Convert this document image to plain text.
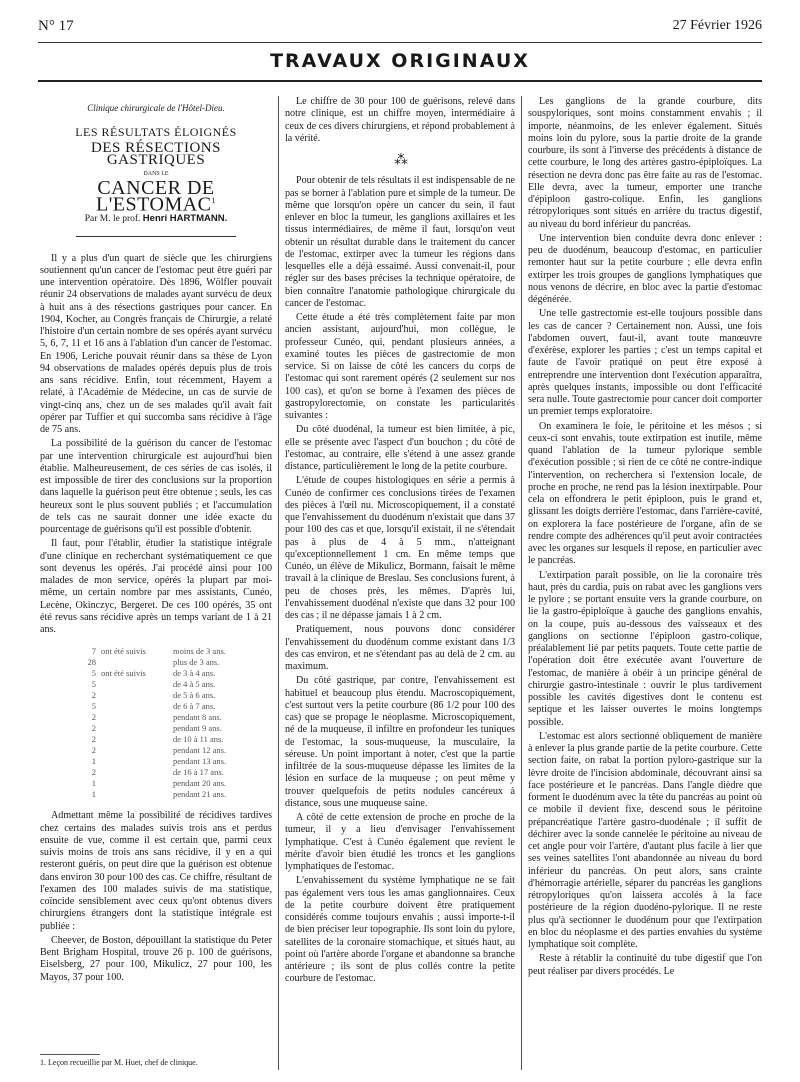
N° 17	27 Février 1926
TRAVAUX ORIGINAUX

Clinique chirurgicale de l'Hôtel-Dieu.

LES RÉSULTATS ÉLOIGNÉS

DES RÉSECTIONS GASTRIQUES

DANS LE

CANCER DE L'ESTOMAC$^1$

Par M. le prof. Henri HARTMANN.

Il y a plus d'un quart de siècle que les chirurgiens soutiennent qu'un cancer de l'estomac peut être guéri par une intervention opératoire. Dès 1896, Wölfler pouvait réunir 24 observations de malades ayant survécu de deux à huit ans à des résections gastriques pour cancer. En 1904, Kocher, au Congrès français de Chirurgie, a relaté l'histoire d'un certain nombre de ses opérés ayant survécu 5, 6, 7, 11 et 16 ans à l'ablation d'un cancer de l'estomac. En 1906, Leriche pouvait réunir dans sa thèse de Lyon 94 observations de malades opérés depuis plus de trois ans sans récidive. Enfin, tout récemment, Hayem a relaté, à l'Académie de Médecine, un cas de survie de vingt-cinq ans, chez un de ses malades qu'il avait fait opérer par Tuffier et qui succomba sans récidive à l'âge de 75 ans.

La possibilité de la guérison du cancer de l'estomac par une intervention chirurgicale est aujourd'hui bien établie. Malheureusement, de ces séries de cas isolés, il est impossible de tirer des conclusions sur la proportion dans laquelle la guérison peut être obtenue ; seuls, les cas heureux sont le plus souvent publiés ; et l'accumulation de tels cas ne saurait donner une idée exacte du pourcentage de guérisons qu'il est possible d'obtenir.

Il faut, pour l'établir, étudier la statistique intégrale d'une clinique en recherchant systématiquement ce que sont devenus les opérés. J'ai procédé ainsi pour 100 malades de mon service, opérés la plupart par moi-même, un certain nombre par mes assistants, Cunéo, Lecène, Okinczyc, Bergeret. De ces 100 opérés, 35 ont été revus sans récidive après un temps variant de 1 à 21 ans.

7 ont été suivis	moins de 3 ans.
28	plus de 3 ans.
5 ont été suivis	de 3 à 4 ans.
5	de 4 à 5 ans.
2	de 5 à 6 ans.
5	de 6 à 7 ans.
2	pendant 8 ans.
2	pendant 9 ans.
2	de 10 à 11 ans.
2	pendant 12 ans.
1	pendant 13 ans.
2	de 16 à 17 ans.
1	pendant 20 ans.
1	pendant 21 ans.

Admettant même la possibilité de récidives tardives chez certains des malades suivis trois ans et perdus ensuite de vue, comme il est certain que, parmi ceux suivis moins de trois ans sans récidive, il y en a qui resteront guéris, on peut dire que la guérison est obtenue dans environ 30 pour 100 des cas. Ce chiffre, résultant de l'examen des 100 malades suivis de ma statistique, coïncide sensiblement avec ceux qu'ont obtenus divers chirurgiens étrangers dont la statistique intégrale est publiée :

Cheever, de Boston, dépouillant la statistique du Peter Bent Brigham Hospital, trouve 26 p. 100 de guérisons, Eiselsberg, 27 pour 100, Mikulicz, 27 pour 100, les Mayos, 37 pour 100.

Le chiffre de 30 pour 100 de guérisons, relevé dans notre clinique, est un chiffre moyen, intermédiaire à ceux de ces divers chirurgiens, et répond probablement à la vérité.

⁂

Pour obtenir de tels résultats il est indispensable de ne pas se borner à l'ablation pure et simple de la tumeur. De même que lorsqu'on opère un cancer du sein, il faut enlever en bloc la tumeur, les ganglions axillaires et les tissus intermédiaires, de même il faut, lorsqu'on veut obtenir un résultat durable dans le traitement du cancer de l'estomac, extirper avec la tumeur les régions dans lesquelles elle a déjà essaimé. Aussi convenait-il, pour régler sur des bases précises la technique opératoire, de bien connaître l'anatomie pathologique chirurgicale du cancer de l'estomac.

Cette étude a été très complètement faite par mon ancien assistant, aujourd'hui, mon collègue, le professeur Cunéo, qui, pendant plusieurs années, a examiné toutes les pièces de gastrectomie de mon service. Si on laisse de côté les cancers du corps de l'estomac qui sont rarement opérés (2 seulement sur nos 100 cas), et qu'on se borne à l'examen des pièces de gastropylorectomie, on constate les particularités suivantes :

Du côté duodénal, la tumeur est bien limitée, à pic, elle se présente avec l'aspect d'un bouchon ; du côté de l'estomac, au contraire, elle s'étend à une assez grande distance, particulièrement le long de la petite courbure.

L'étude de coupes histologiques en série a permis à Cunéo de confirmer ces conclusions tirées de l'examen des pièces à l'œil nu. Microscopiquement, il a constaté que l'envahissement du duodénum n'existait que dans 37 pour 100 des cas et que, lorsqu'il existait, il ne s'étendait pas à plus de 4 à 5 mm., n'atteignant qu'exceptionnellement 1 cm. En même temps que Cunéo, un élève de Mikulicz, Bormann, faisait le même travail à la clinique de Breslau. Ses conclusions furent, à peu de choses près, les mêmes. D'après lui, l'envahissement duodénal n'existe que dans 32 pour 100 des cas ; il ne dépasse jamais 1 à 2 cm.

Pratiquement, nous pouvons donc considérer l'envahissement du duodénum comme existant dans 1/3 des cas environ, et ne s'étendant pas au delà de 2 cm. au maximum.

Du côté gastrique, par contre, l'envahissement est habituel et beaucoup plus étendu. Macroscopiquement, c'est surtout vers la petite courbure (86 1/2 pour 100 des cas) que se propage le néoplasme. Microscopiquement, né de la muqueuse, il infiltre en profondeur les tuniques de l'estomac, la sous-muqueuse, la musculaire, la séreuse. Un point important à noter, c'est que la partie infiltrée de la sous-muqueuse dépasse les limites de la lésion en surface de la muqueuse ; on peut même y trouver quelquefois de petits nodules cancéreux à distance, sous une muqueuse saine.

A côté de cette extension de proche en proche de la tumeur, il y a lieu d'envisager l'envahissement lymphatique. C'est à Cunéo également que revient le mérite d'avoir bien étudié les troncs et les ganglions lymphatiques de l'estomac.

L'envahissement du système lymphatique ne se fait pas également vers tous les amas ganglionnaires. Ceux de la petite courbure doivent être pratiquement considérés comme toujours envahis ; aussi importe-t-il de bien préciser leur topographie. Ils sont loin du pylore, satellites de la coronaire stomachique, et situés haut, au point où l'artère aborde l'organe et abandonne sa branche antérieure ; ils sont de plus collés contre la petite courbure de l'estomac.

Les ganglions de la grande courbure, dits souspyloriques, sont moins constamment envahis ; il importe, néanmoins, de les enlever également. Situés moins loin du pylore, sous la partie droite de la grande courbure, ils sont à l'inverse des précédents à distance de cette courbure, le long des artères gastro-épiploïques. La résection ne devra donc pas être faite au ras de l'estomac. Elle devra, avec la tumeur, emporter une tranche d'épiploon gastro-colique. Enfin, les ganglions rétropyloriques sont situés en arrière du tractus digestif, au niveau du bord inférieur du pancréas.

Une intervention bien conduite devra donc enlever : peu de duodénum, beaucoup d'estomac, en particulier remonter haut sur la petite courbure ; elle devra enfin extirper les trois groupes de ganglions lymphatiques que nous venons de décrire, en bloc avec la partie d'estomac dégénérée.

Une telle gastrectomie est-elle toujours possible dans les cas de cancer ? Certainement non. Aussi, une fois l'abdomen ouvert, faut-il, avant toute manœuvre d'exérèse, explorer les parties ; c'est un temps capital et faute de l'avoir pratiqué on peut être exposé à entreprendre une intervention dont l'exécution apparaîtra, après quelques instants, impossible ou dont l'efficacité sera nulle. Toute gastrectomie pour cancer doit comporter un premier temps exploratoire.

On examinera le foie, le péritoine et les mésos ; si ceux-ci sont envahis, toute extirpation est inutile, même quand l'ablation de la tumeur pylorique semble d'exécution possible ; si rien de ce côté ne contre-indique l'intervention, on recherchera si l'extension locale, de proche en proche, ne rend pas la lésion inextirpable. Pour cela on effondrera le petit épiploon, puis le grand et, glissant les doigts derrière l'estomac, dans l'arrière-cavité, on explorera la face postérieure de l'organe, afin de se rendre compte des adhérences qu'il peut avoir contractées avec les organes sur lesquels il repose, en particulier avec le pancréas.

L'extirpation paraît possible, on lie la coronaire très haut, près du cardia, puis on rabat avec les ganglions vers le pylore ; se portant ensuite vers la grande courbure, on lie la gastro-épiploïque à gauche des ganglions envahis, on la coupe, puis au-dessous des vaisseaux et des ganglions on sectionne l'épiploon gastro-colique, préalablement lié par petits paquets. Toute cette partie de l'opération doit être exécutée avant l'ouverture de l'estomac, de manière à obéir à un principe général de chirurgie gastro-intestinale : ouvrir le plus tardivement possible les cavités digestives dont le contenu est septique et les laisser ouvertes le moins longtemps possible.

L'estomac est alors sectionné obliquement de manière à enlever la plus grande partie de la petite courbure. Cette section faite, on rabat la portion pyloro-gastrique sur la lèvre droite de l'incision abdominale, découvrant ainsi sa face postérieure et le pancréas. Dans l'angle dièdre que forment le duodénum avec la tête du pancréas au point où ce mobile il devient fixe, descend sous le péritoine prépancréatique l'artère gastro-duodénale ; il suffit de déchirer avec la sonde cannelée le péritoine au niveau de cet angle pour voir l'artère, d'autant plus facile à lier que ses veines satellites l'ont abandonnée au niveau du bord inférieur du pancréas. On peut alors, sans crainte d'hémorragie artérielle, séparer du pancréas les ganglions rétropyloriques qu'on laissera accolés à la face postérieure de la région duodéno-pylorique. Il ne reste plus qu'à sectionner le duodénum pour que l'extirpation en bloc du néoplasme et des parties envahies du système lymphatique soit complète.

Reste à rétablir la continuité du tube digestif que l'on peut réaliser par divers procédés. Le

1. Leçon recueillie par M. Huet, chef de clinique.
